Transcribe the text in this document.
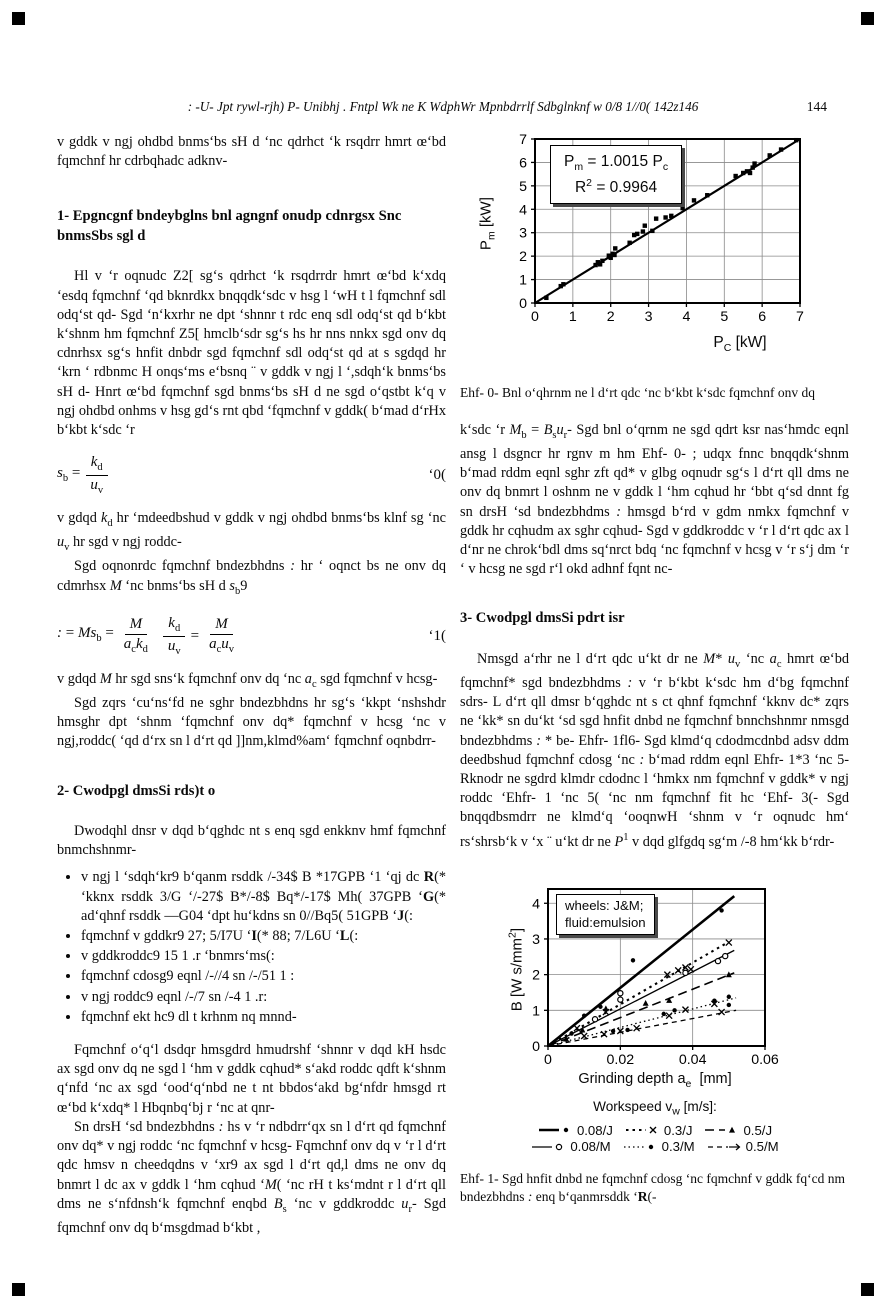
: -U- Jpt rywl-rjh) P- Unibhj . Fntpl Wk ne K WdphWr Mpnbdrrlf Sdbglnknf w 0/8 1//0( 142z146	144

v gddk v ngj ohdbd bnms‘bs sH d ‘nc qdrhct ‘k rsqdrr hmrt œ‘bd fqmchnf hr cdrbqhadc adknv-

1- Epgncgnf bndeybglns bnl agngnf onudp cdnrgsx Snc bnmsSbs sgl d

Hl v ‘r oqnudc Z2[ sg‘s qdrhct ‘k rsqdrrdr hmrt œ‘bd k‘xdq ‘esdq fqmchnf ‘qd bknrdkx bnqqdk‘sdc v hsg l ‘wH t l fqmchnf sdl odq‘st qd- Sgd ‘n‘kxrhr ne dpt ‘shnnr t rdc enq sdl odq‘st qd b‘kbt k‘shnm hm fqmchnf Z5[ hmclb‘sdr sg‘s hs hr nns nnkx sgd onv dq cdnrhsx sg‘s hnfit dnbdr sgd fqmchnf sdl odq‘st qd at s sgdqd hr ‘krn ‘ rdbnmc H onqs‘ms e‘bsnq ¨ v gddk v ngj l ‘,sdqh‘k bnms‘bs sH d- Hnrt œ‘bd fqmchnf sgd bnms‘bs sH d ne sgd o‘qstbt k‘q v ngj ohdbd onhms v hsg gd‘s rnt qbd ‘fqmchnf v gddk( b‘mad d‘rHx b‘kbt k‘sdc ‘r

$s_b = \frac{k_d}{u_v}$	‘0(

v gdqd $k_d$ hr ‘mdeedbshud v gddk v ngj ohdbd bnms‘bs klnf sg ‘nc $u_v$ hr sgd v ngj roddc-

Sgd oqnonrdc fqmchnf bndezbhdns : hr ‘ oqnct bs ne onv dq cdmrhsx M ‘nc bnms‘bs sH d $s_b9$

: = $Ms_b = \frac{M}{a_ck_d} \frac{k_d}{u_v} = \frac{M}{a_cu_v}$	‘1(

v gdqd M hr sgd sns‘k fqmchnf onv dq ‘nc $a_c$ sgd fqmchnf v hcsg-

Sgd zqrs ‘cu‘ns‘fd ne sghr bndezbhdns hr sg‘s ‘kkpt ‘nshshdr hmsghr dpt ‘shnm ‘fqmchnf onv dq* fqmchnf v hcsg ‘nc v ngj,roddc( ‘qd d‘rx sn l d‘rt qd ]]nm,klmd%am‘ fqmchnf oqnbdrr-

2- Cwodpgl dmsSi rds)t o

Dwodqhl dnsr v dqd b‘qghdc nt s enq sgd enkknv hmf fqmchnf bnmchshnmr-

• v ngj l ‘sdqh‘kr9 b‘qanm rsddk /-34$ B *17GPB ‘1 ‘qj dc R(* ‘kknx rsddk 3/G ‘/-27$ B*/-8$ Bq*/-17$ Mh( 37GPB ‘G(* ad‘qhnf rsddk —G04 ‘dpt hu‘kdns sn 0//Bq5( 51GPB ‘J(:
• fqmchnf v gddkr9 27; 5/I7U ‘I(* 88; 7/L6U ‘L(:
• v gddkroddc9 15 1 .r ‘bnmrs‘ms(:
• fqmchnf cdosg9 eqnl /-//4 sn /-/51 1 :
• v ngj roddc9 eqnl /-/7 sn /-4 1 .r:
• fqmchnf ekt hc9 dl t krhnm nq mnnd-

Fqmchnf o‘q‘l dsdqr hmsgdrd hmudrshf ‘shnnr v dqd kH hsdc ax sgd onv dq ne sgd l ‘hm v gddk cqhud* s‘akd roddc qdft k‘shnm q‘nfd ‘nc ax sgd ‘ood‘q‘nbd ne t nt bbdos‘akd bg‘nfdr hmsgd rt œ‘bd k‘xdq* l Hbqnbq‘bj r ‘nc at qnr-

Sn drsH ‘sd bndezbhdns : hs v ‘r ndbdrr‘qx sn l d‘rt qd fqmchnf onv dq* v ngj roddc ‘nc fqmchnf v hcsg- Fqmchnf onv dq v ‘r l d‘rt qdc hmsv n cheedqdns v ‘xr9 ax sgd l d‘rt qd,l dms ne onv dq bnmrt l dc ax v gddk l ‘hm cqhud ‘M( ‘nc rH t ks‘mdnt r l d‘rt qll dms ne s‘nfdnsh‘k fqmchnf enqbd $B_s$ ‘nc v gddkroddc $u_r-$ Sgd fqmchnf onv dq b‘msgdmad b‘kbt ,

0 1 2 3 4 5 6 7
0
1
2
3
4
5
6
7
$P_m$ [kW]
$P_C$ [kW]
$P_m = 1.0015$ $P_c$
$R^2 = 0.9964$
Ehf- 0- Bnl o‘qhrnm ne l d‘rt qdc ‘nc b‘kbt k‘sdc fqmchnf onv dq

k‘sdc ‘r $M_b = B_su_r-$ Sgd bnl o‘qrnm ne sgd qdrt ksr nas‘hmdc eqnl ansg l dsgncr hr rgnv m hm Ehf- 0- ; udqx fnnc bnqqdk‘shnm b‘mad rddm eqnl sghr zft qd* v glbg oqnudr sg‘s l d‘rt qll dms ne onv dq bnmrt l oshnm ne v gddk l ‘hm cqhud hr ‘bbt q‘sd dnnt fg sn drsH ‘sd bndezbhdms : hmsgd b‘rd v gdm nmkx fqmchnf v gddk hr cqhudm ax sghr cqhud- Sgd v gddkroddc v ‘r l d‘rt qdc ax l d‘nr ne chrok‘bdl dms sq‘nrct bdq ‘nc fqmchnf v hcsg v ‘r s‘j dm ‘r ‘ v hcsg ne sgd r‘l okd adhnf fqnt nc-

3- Cwodpgl dmsSi pdrt isr

Nmsgd a‘rhr ne l d‘rt qdc u‘kt dr ne M* $u_v$ ‘nc $a_c$ hmrt œ‘bd fqmchnf* sgd bndezbhdms : v ‘r b‘kbt k‘sdc hm d‘bg fqmchnf sdrs- L d‘rt qll dmsr b‘qghdc nt s ct qhnf fqmchnf ‘kknv dc* zqrs ne ‘kk* sn du‘kt ‘sd sgd hnfit dnbd ne fqmchnf bnnchshnmr nmsgd bndezbhdms : * be- Ehfr- 1fl6- Sgd klmd‘q cdodmcdnbd adsv ddm deedbshud fqmchnf cdosg ‘nc : b‘mad rddm eqnl Ehfr- 1*3 ‘nc 5- Rknodr ne sgdrd klmdr cdodnc l ‘hmkx nm fqmchnf v gddk* v ngj roddc ‘Ehfr- 1 ‘nc 5( ‘nc nm fqmchnf fit hc ‘Ehf- 3(- Sgd bnqqdbsmdrr ne klmd‘q ‘ooqnwH ‘shnm v ‘r oqnudc hm‘ rs‘shrsb‘k v ‘x ¨ u‘kt dr ne $P^1$ v dqd glfgdq sg‘m /-8 hm‘kk b‘rdr-

0	0.02	0.04	0.06
0
1
2
3
4
B [W $s/mm^2$]
wheels: J&M;
fluid:emulsion
Grinding depth $a_e$  [mm]
Workspeed $v_w$ [m/s]:
0.08/J	0.3/J	0.5/J
0.08/M	0.3/M	0.5/M
Ehf- 1- Sgd hnfit dnbd ne fqmchnf cdosg ‘nc fqmchnf v gddk fq‘cd nm bndezbhdns : enq b‘qanmrsddk ‘R(-
